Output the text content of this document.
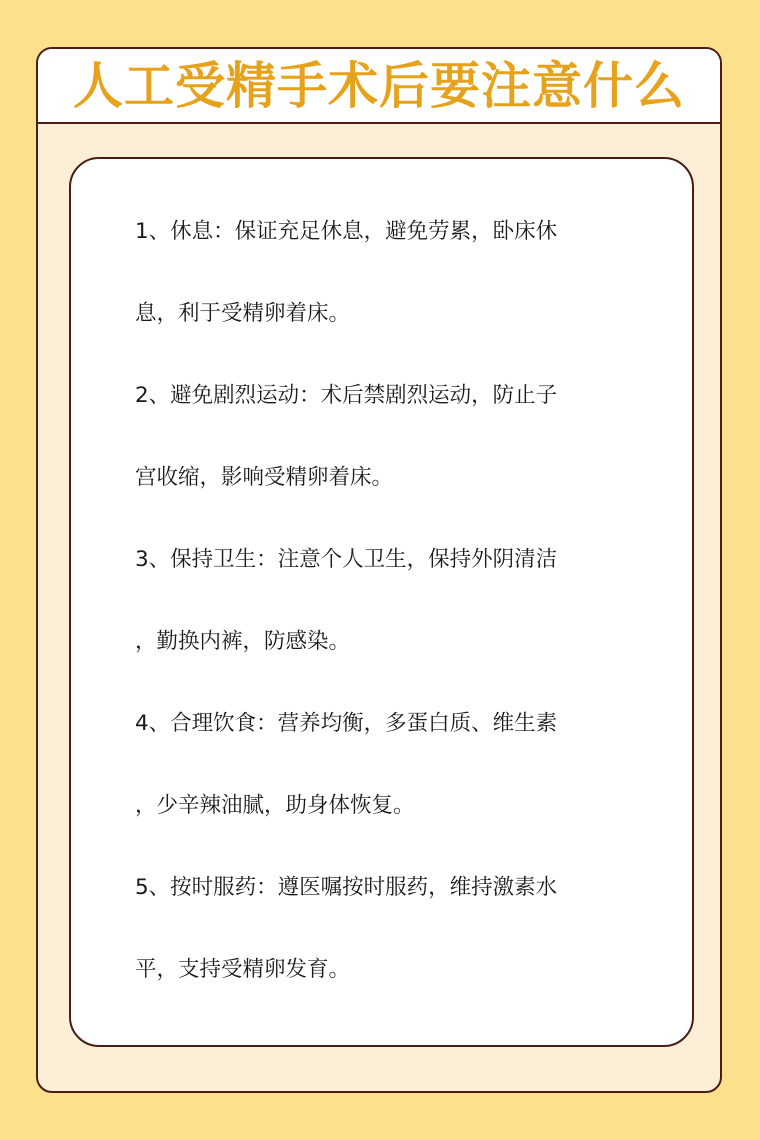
人工受精手术后要注意什么
1、休息：保证充足休息，避免劳累，卧床休
息，利于受精卵着床。
2、避免剧烈运动：术后禁剧烈运动，防止子
宫收缩，影响受精卵着床。
3、保持卫生：注意个人卫生，保持外阴清洁
，勤换内裤，防感染。
4、合理饮食：营养均衡，多蛋白质、维生素
，少辛辣油腻，助身体恢复。
5、按时服药：遵医嘱按时服药，维持激素水
平，支持受精卵发育。
